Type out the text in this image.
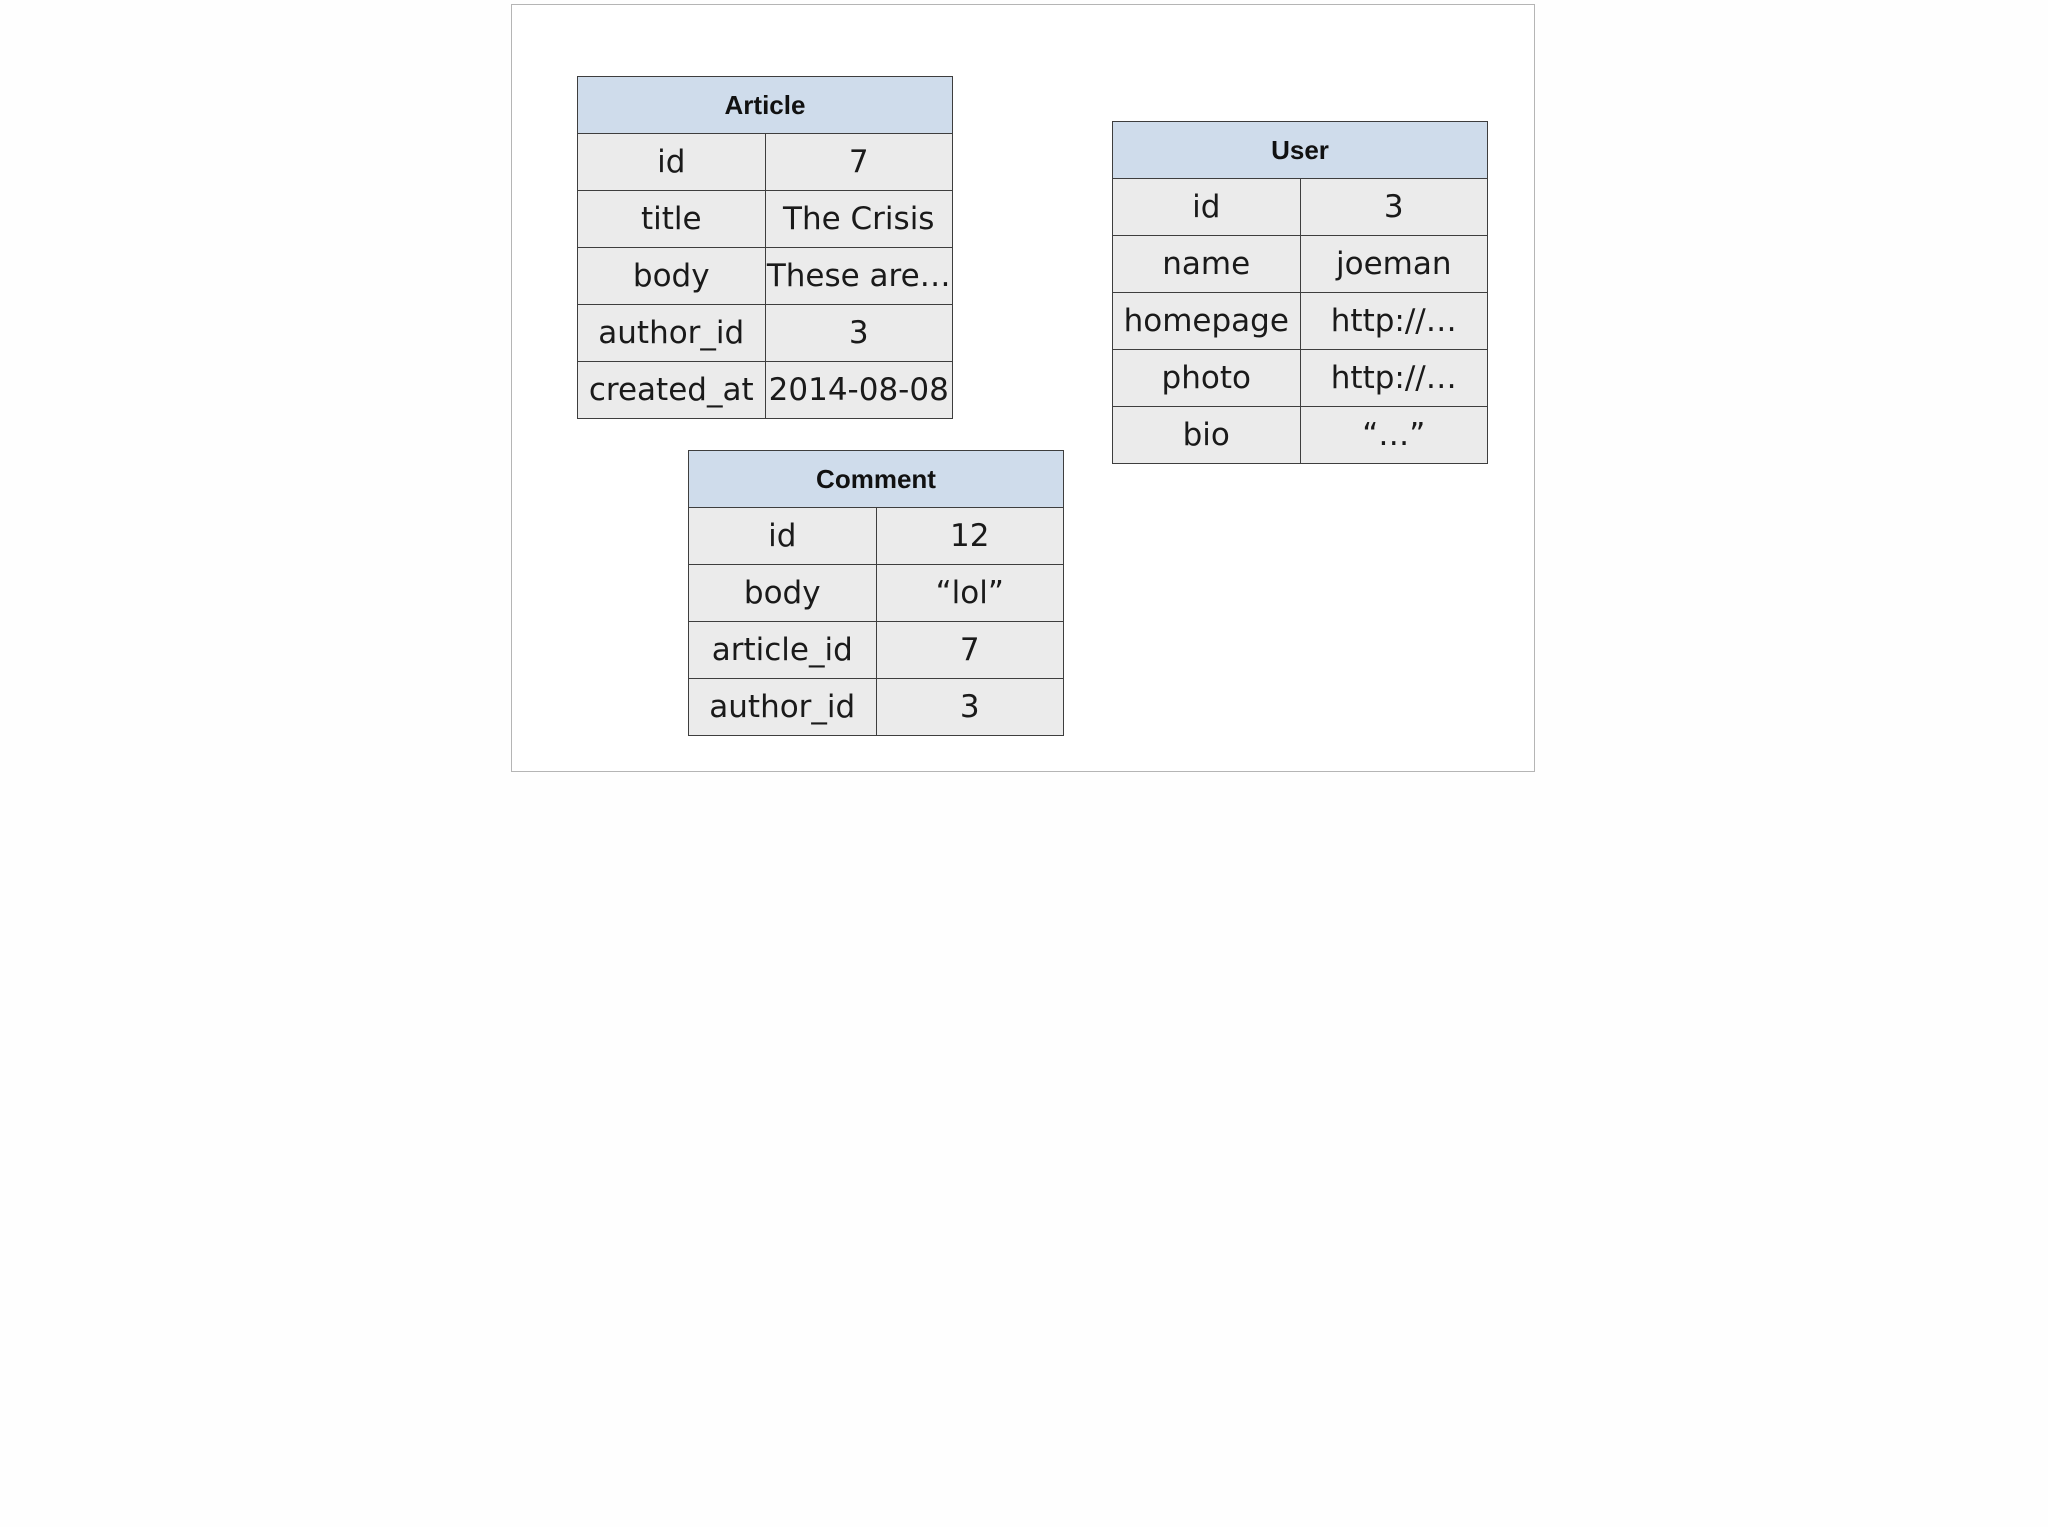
Article	
id	7
title	The Crisis
body	These are…
author_id	3
created_at	2014-08-08
User	
id	3
name	joeman
homepage	http://…
photo	http://…
bio	“…”
Comment	
id	12
body	“lol”
article_id	7
author_id	3
